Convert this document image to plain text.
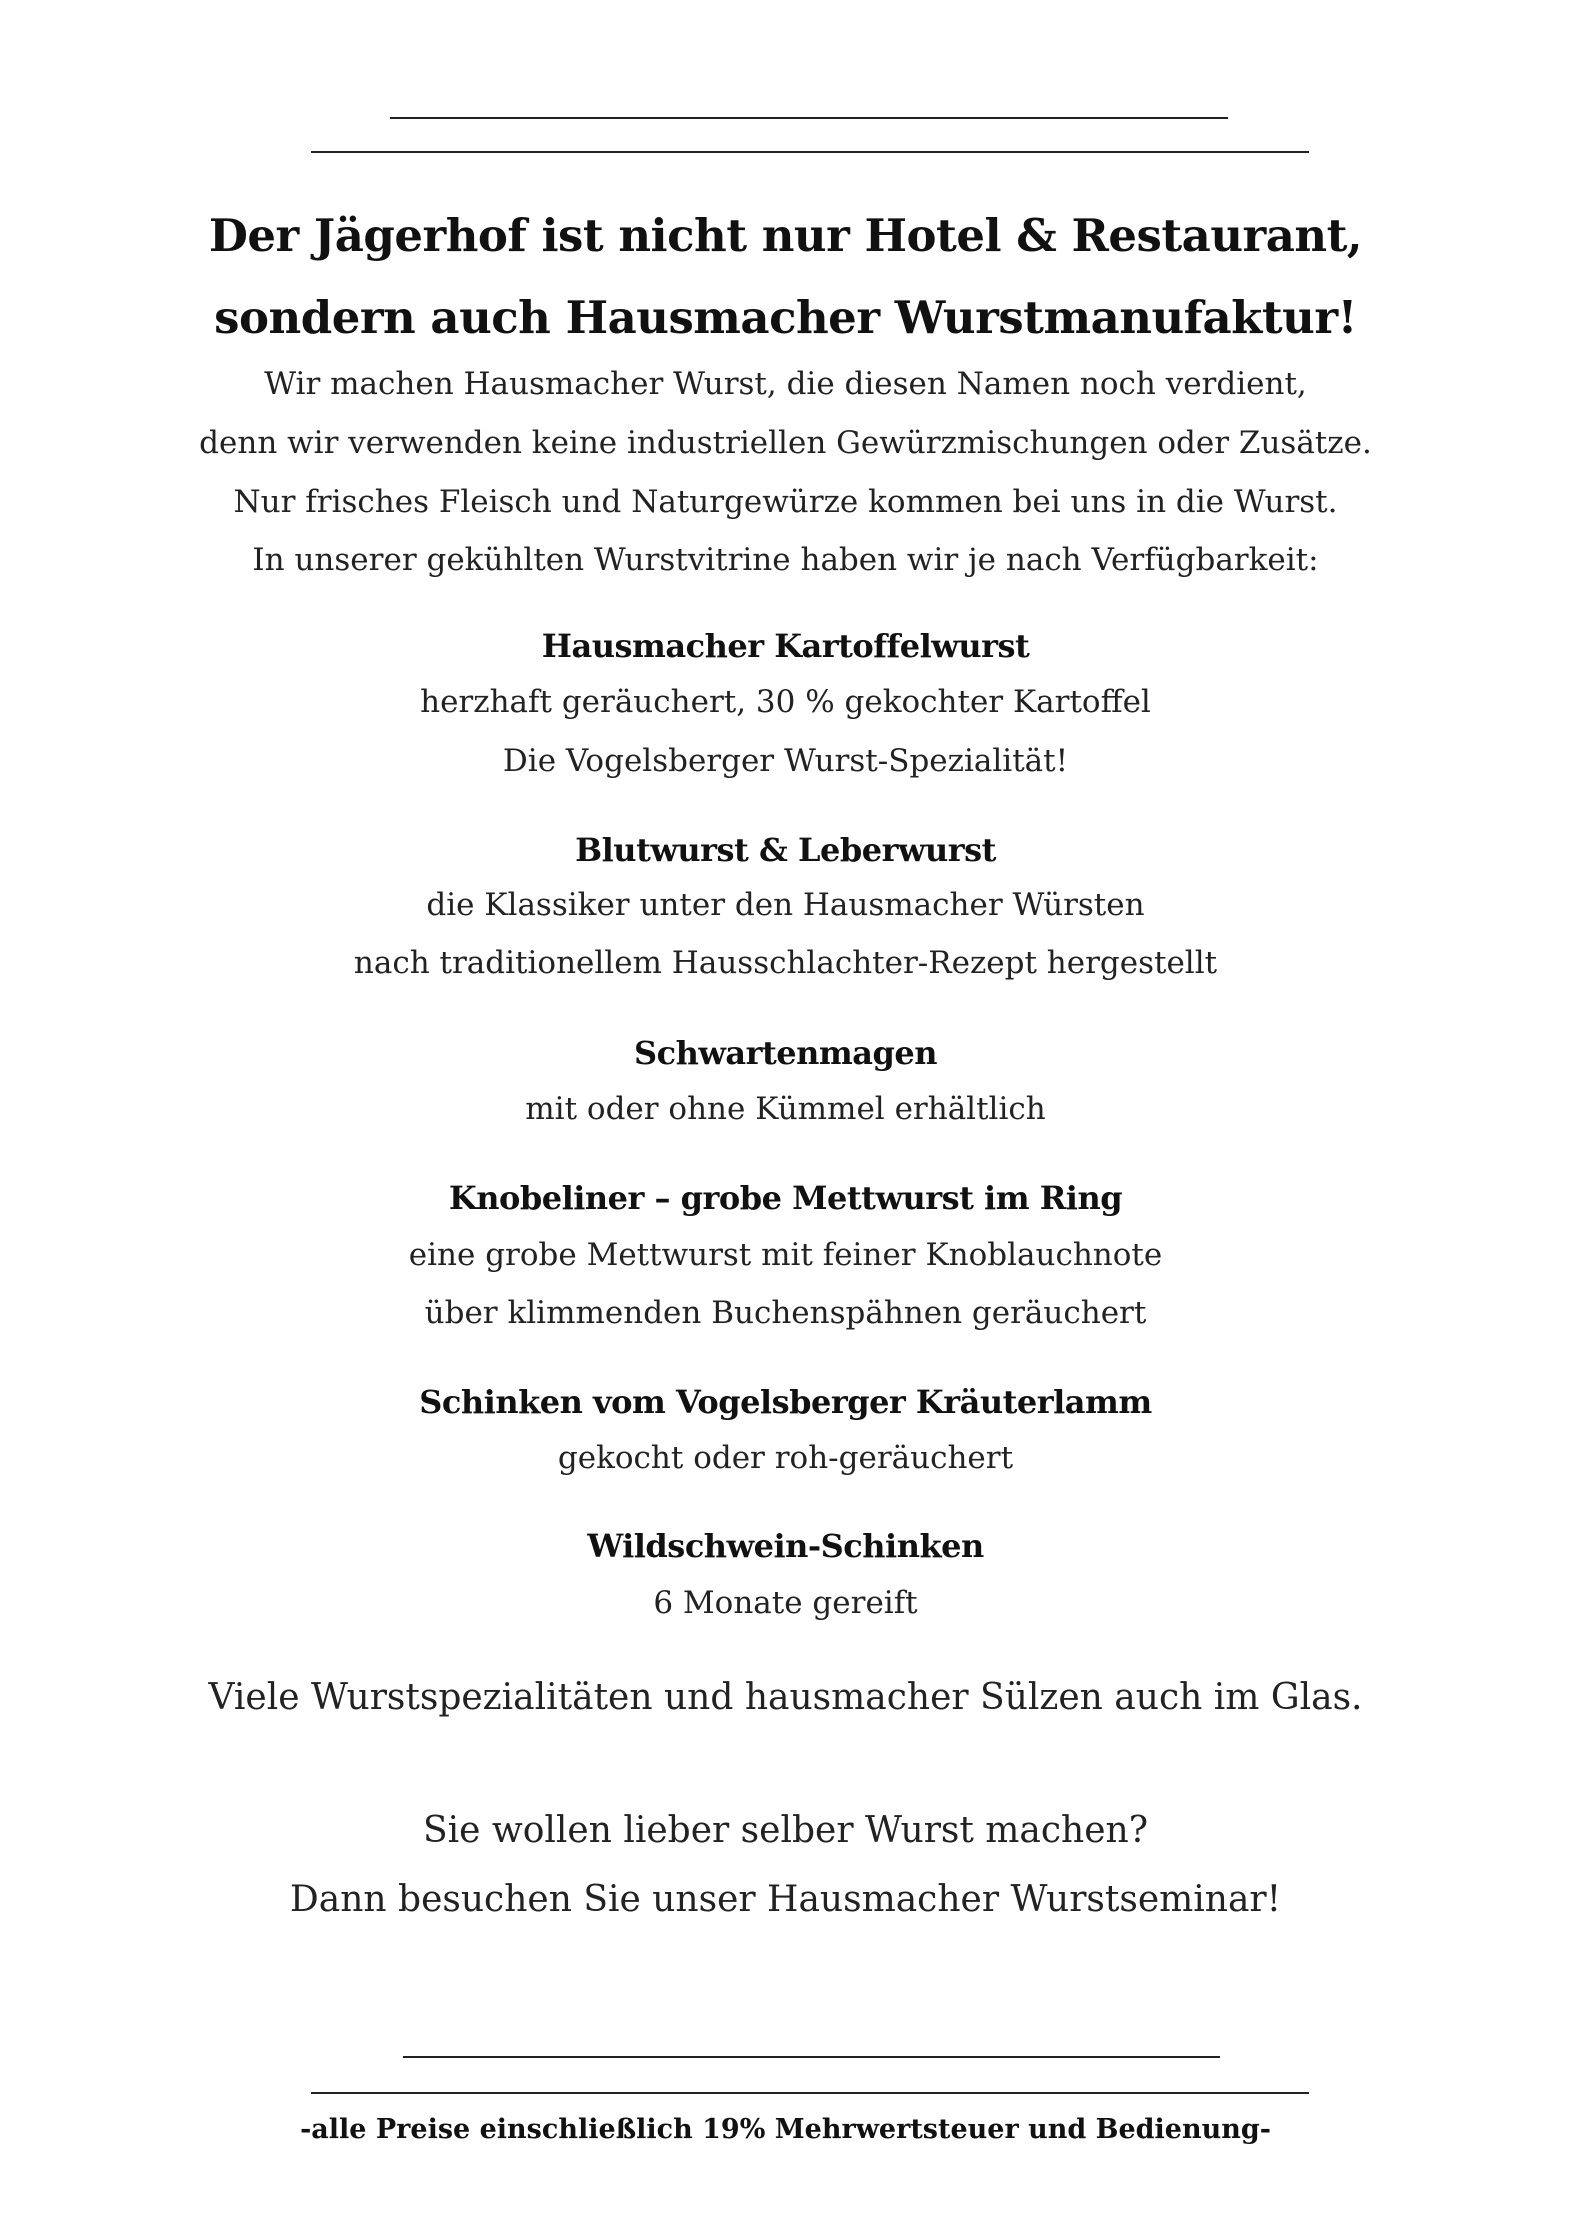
Der Jägerhof ist nicht nur Hotel & Restaurant,
sondern auch Hausmacher Wurstmanufaktur!
Wir machen Hausmacher Wurst, die diesen Namen noch verdient,
denn wir verwenden keine industriellen Gewürzmischungen oder Zusätze.
Nur frisches Fleisch und Naturgewürze kommen bei uns in die Wurst.
In unserer gekühlten Wurstvitrine haben wir je nach Verfügbarkeit:
Hausmacher Kartoffelwurst
herzhaft geräuchert, 30 % gekochter Kartoffel
Die Vogelsberger Wurst-Spezialität!
Blutwurst & Leberwurst
die Klassiker unter den Hausmacher Würsten
nach traditionellem Hausschlachter-Rezept hergestellt
Schwartenmagen
mit oder ohne Kümmel erhältlich
Knobeliner – grobe Mettwurst im Ring
eine grobe Mettwurst mit feiner Knoblauchnote
über klimmenden Buchenspähnen geräuchert
Schinken vom Vogelsberger Kräuterlamm
gekocht oder roh-geräuchert
Wildschwein-Schinken
6 Monate gereift
Viele Wurstspezialitäten und hausmacher Sülzen auch im Glas.
Sie wollen lieber selber Wurst machen?
Dann besuchen Sie unser Hausmacher Wurstseminar!
-alle Preise einschließlich 19% Mehrwertsteuer und Bedienung-
